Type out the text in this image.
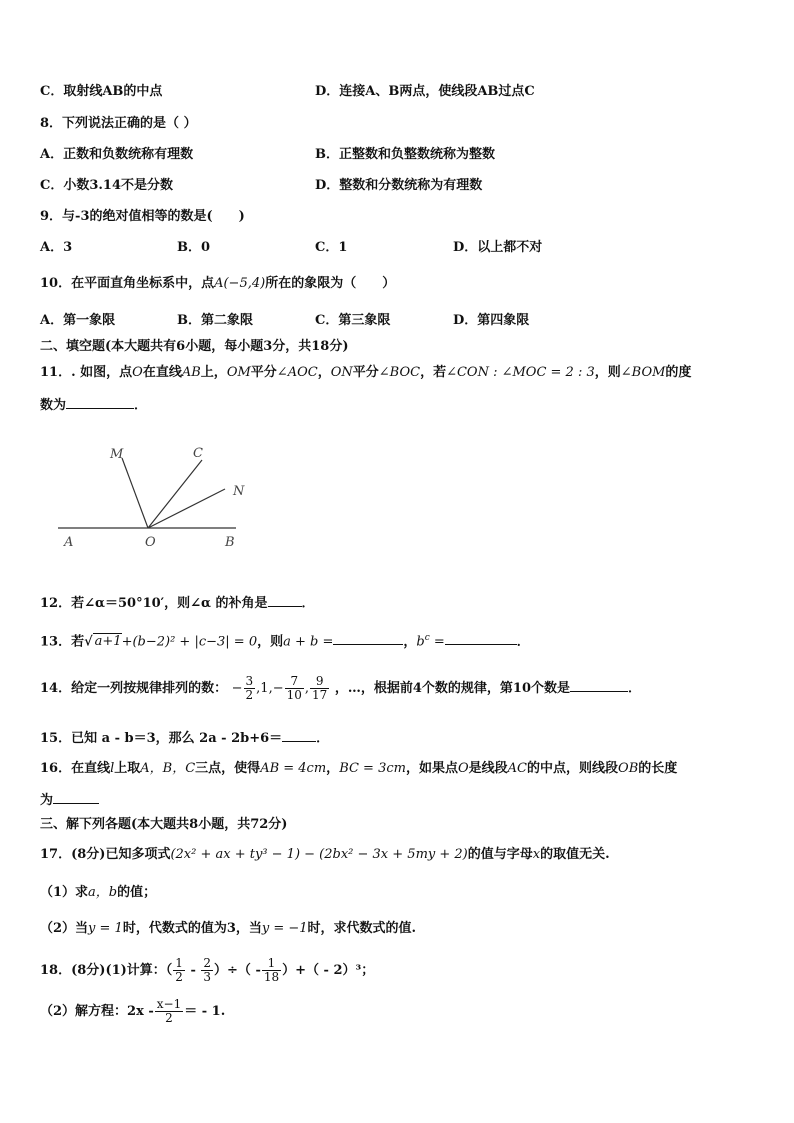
C．取射线AB的中点	D．连接A、B两点，使线段AB过点C
8．下列说法正确的是（ ）
A．正数和负数统称有理数	B．正整数和负整数统称为整数
C．小数3.14不是分数	D．整数和分数统称为有理数
9．与-3的绝对值相等的数是(　　)
A．3	B．0	C．1	D．以上都不对
10．在平面直角坐标系中，点A(−5,4)所在的象限为（　　）
A．第一象限	B．第二象限	C．第三象限	D．第四象限
二、填空题(本大题共有6小题，每小题3分，共18分)
11．. 如图，点O在直线AB上，OM平分∠AOC，ON平分∠BOC，若∠CON : ∠MOC = 2 : 3，则∠BOM的度
数为	．
M	C
N
A	O	B
12．若∠α＝50°10′，则∠α 的补角是	．
13．若√ a+1+(b−2)² + |c−3| = 0，则a + b =	，$b^c$ =	．
14．给定一列按规律排列的数： − $\frac{3}{2} ,1,- \frac{7}{10}$ , $\frac{9}{17}$ ，…，根据前4个数的规律，第10个数是	．
15．已知 a - b＝3，那么 2a - 2b+6＝	．
16．在直线l上取A，B，C三点，使得AB = 4cm，BC = 3cm，如果点O是线段AC的中点，则线段OB的长度
为
三、解下列各题(本大题共8小题，共72分)
17．(8分)已知多项式(2x² + ax + ty³ − 1) − (2bx² − 3x + 5my + 2)的值与字母x的取值无关.
（1）求a，b的值；
（2）当y = 1时，代数式的值为3，当y = −1时，求代数式的值.
18．(8分)(1)计算：（ $\frac{1}{2} - \frac{2}{3}$ ）÷（ - $\frac{1}{18}$ ）+（ - 2）³；
（2）解方程：$2x - \frac{x-1}{2}$ ＝ - 1.
